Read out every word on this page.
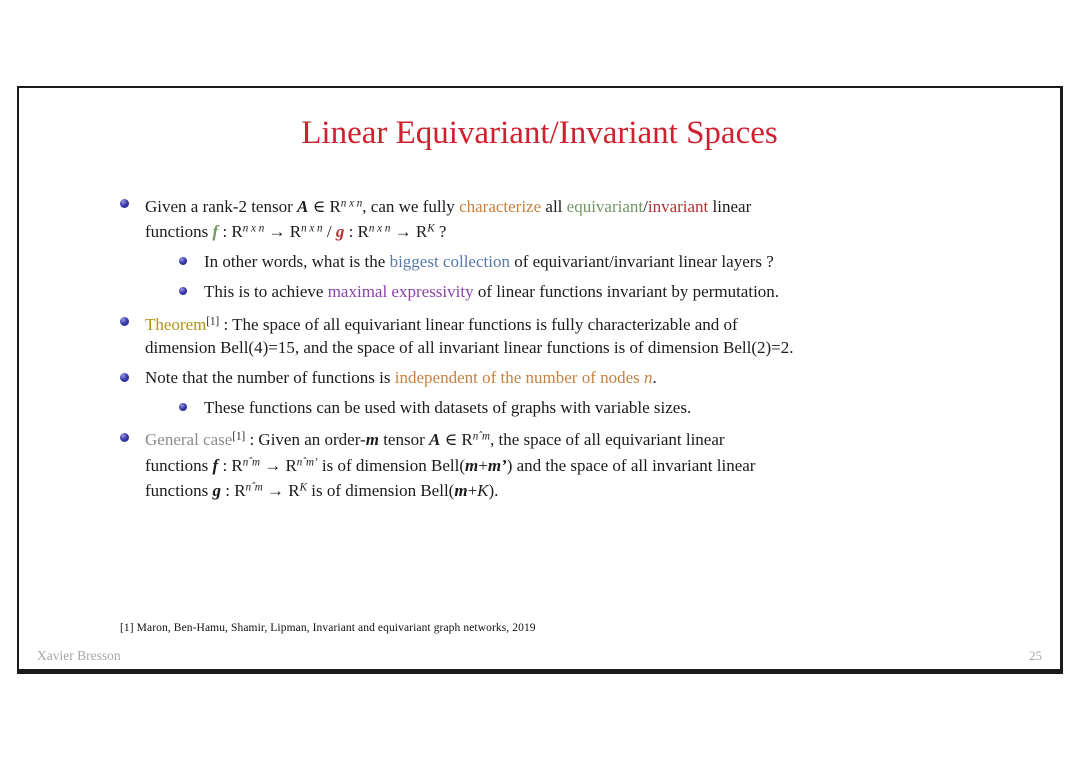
Linear Equivariant/Invariant Spaces
Given a rank-2 tensor A ∈ $R^{n x n}$, can we fully characterize all equivariant/invariant linear
functions f : $R^{n x n} \to R^{n x n} / g$ : $R^{n x n} \to R^K$ ?
In other words, what is the biggest collection of equivariant/invariant linear layers ?
This is to achieve maximal expressivity of linear functions invariant by permutation.
Theorem[1] : The space of all equivariant linear functions is fully characterizable and of
dimension Bell(4)=15, and the space of all invariant linear functions is of dimension Bell(2)=2.
Note that the number of functions is independent of the number of nodes n.
These functions can be used with datasets of graphs with variable sizes.
General case[1] : Given an order-m tensor A ∈ $R^{nˆm}$, the space of all equivariant linear
functions f : $R^{nˆm} \to R^{nˆm’}$ is of dimension Bell(m+m’) and the space of all invariant linear
functions g : $R^{nˆm} \to R^K$ is of dimension Bell(m+K).
[1] Maron, Ben-Hamu, Shamir, Lipman, Invariant and equivariant graph networks, 2019
Xavier Bresson	25
